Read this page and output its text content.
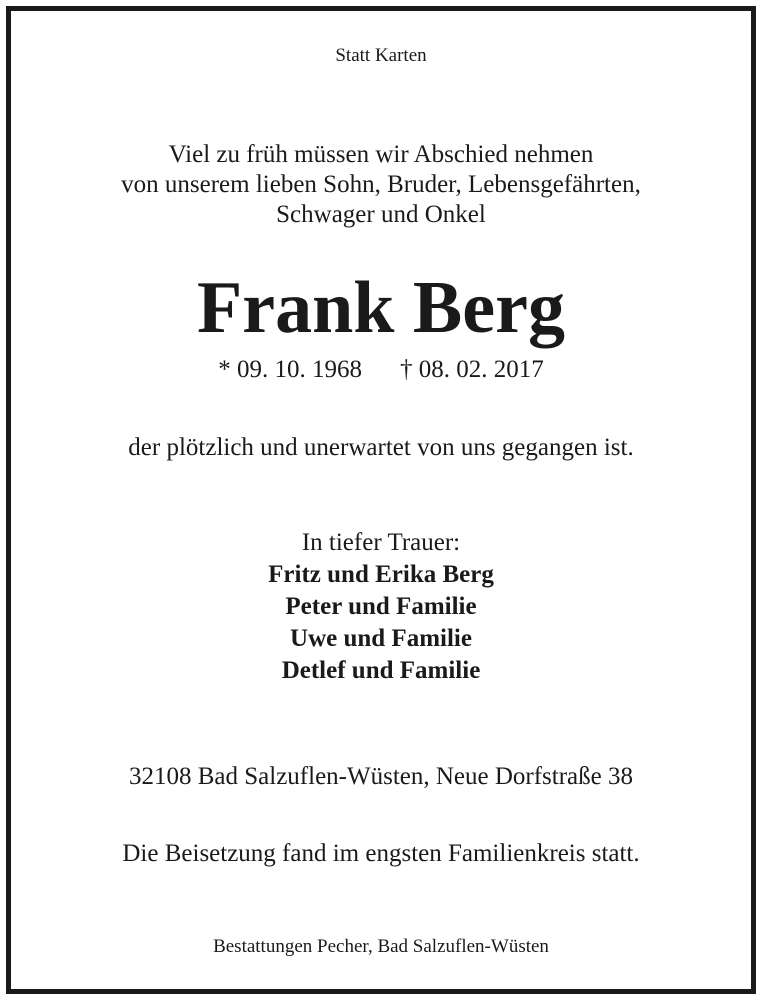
Statt Karten
Viel zu früh müssen wir Abschied nehmen
von unserem lieben Sohn, Bruder, Lebensgefährten,
Schwager und Onkel
Frank Berg
* 09. 10. 1968 † 08. 02. 2017
der plötzlich und unerwartet von uns gegangen ist.
In tiefer Trauer:
Fritz und Erika Berg
Peter und Familie
Uwe und Familie
Detlef und Familie
32108 Bad Salzuflen-Wüsten, Neue Dorfstraße 38
Die Beisetzung fand im engsten Familienkreis statt.
Bestattungen Pecher, Bad Salzuflen-Wüsten
